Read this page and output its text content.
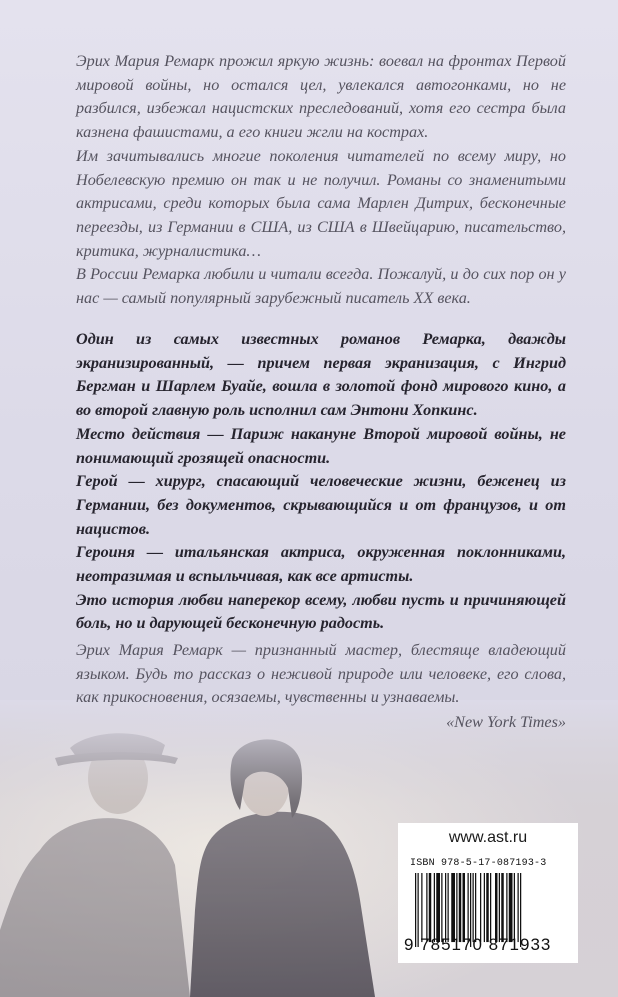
Эрих Мария Ремарк прожил яркую жизнь: воевал на фронтах Первой мировой войны, но остался цел, увлекался автогонками, но не разбился, избежал нацистских преследований, хотя его сестра была казнена фашистами, а его книги жгли на кострах.

Им зачитывались многие поколения читателей по всему миру, но Нобелевскую премию он так и не получил. Романы со знаменитыми актрисами, среди которых была сама Марлен Дитрих, бесконечные переезды, из Германии в США, из США в Швейцарию, писательство, критика, журналистика…

В России Ремарка любили и читали всегда. Пожалуй, и до сих пор он у нас — самый популярный зарубежный писатель XX века.

Один из самых известных романов Ремарка, дважды экранизированный, — причем первая экранизация, с Ингрид Бергман и Шарлем Буайе, вошла в золотой фонд мирового кино, а во второй главную роль исполнил сам Энтони Хопкинс.

Место действия — Париж накануне Второй мировой войны, не понимающий грозящей опасности.

Герой — хирург, спасающий человеческие жизни, беженец из Германии, без документов, скрывающийся и от французов, и от нацистов.

Героиня — итальянская актриса, окруженная поклонниками, неотразимая и вспыльчивая, как все артисты.

Это история любви наперекор всему, любви пусть и причиняющей боль, но и дарующей бесконечную радость.

Эрих Мария Ремарк — признанный мастер, блестяще владеющий языком. Будь то рассказ о неживой природе или человеке, его слова, как прикосновения, осязаемы, чувственны и узнаваемы.

«New York Times»

www.ast.ru
ISBN 978-5-17-087193-3
9 785170 871933
